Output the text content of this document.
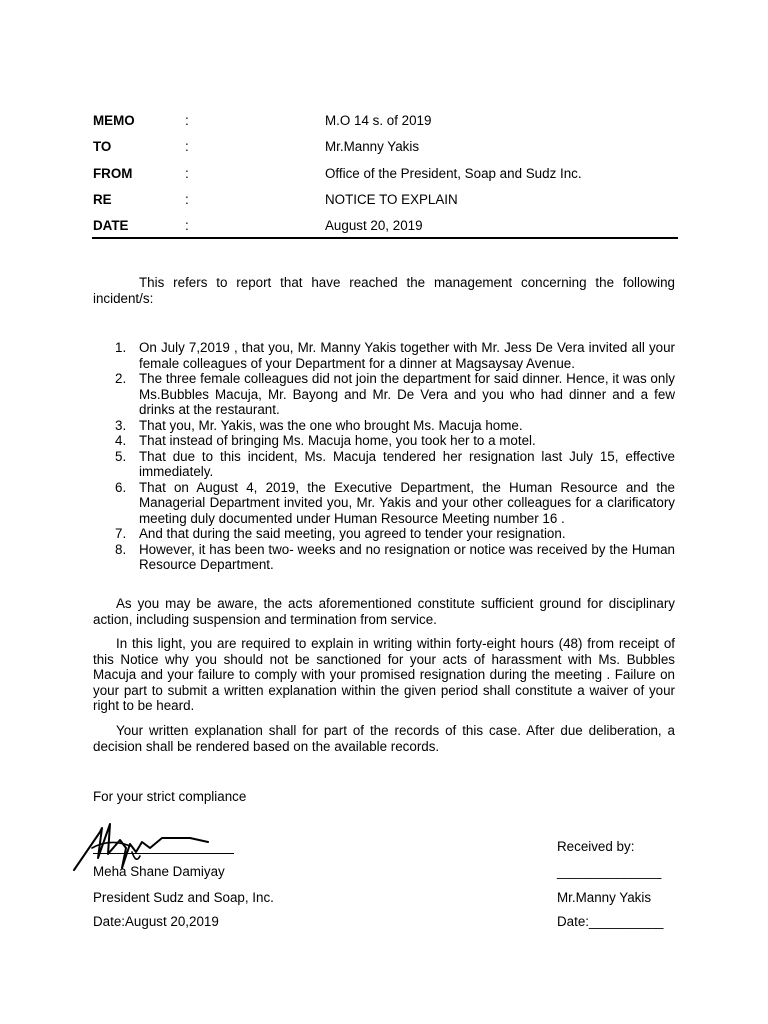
MEMO	:	M.O 14 s. of 2019
TO	:	Mr.Manny Yakis
FROM	:	Office of the President, Soap and Sudz Inc.
RE	:	NOTICE TO EXPLAIN
DATE	:	August 20, 2019

This refers to report that have reached the management concerning the following incident/s:

1. On July 7,2019 , that you, Mr. Manny Yakis together with Mr. Jess De Vera invited all your female colleagues of your Department for a dinner at Magsaysay Avenue.
2. The three female colleagues did not join the department for said dinner. Hence, it was only Ms.Bubbles Macuja, Mr. Bayong and Mr. De Vera and you who had dinner and a few drinks at the restaurant.
3. That you, Mr. Yakis, was the one who brought Ms. Macuja home.
4. That instead of bringing Ms. Macuja home, you took her to a motel.
5. That due to this incident, Ms. Macuja tendered her resignation last July 15, effective immediately.
6. That on August 4, 2019, the Executive Department, the Human Resource and the Managerial Department invited you, Mr. Yakis and your other colleagues for a clarificatory meeting duly documented under Human Resource Meeting number 16 .
7. And that during the said meeting, you agreed to tender your resignation.
8. However, it has been two- weeks and no resignation or notice was received by the Human Resource Department.

As you may be aware, the acts aforementioned constitute sufficient ground for disciplinary action, including suspension and termination from service.

In this light, you are required to explain in writing within forty-eight hours (48) from receipt of this Notice why you should not be sanctioned for your acts of harassment with Ms. Bubbles Macuja and your failure to comply with your promised resignation during the meeting . Failure on your part to submit a written explanation within the given period shall constitute a waiver of your right to be heard.

Your written explanation shall for part of the records of this case. After due deliberation, a decision shall be rendered based on the available records.

For your strict compliance
Meha Shane Damiyay
President Sudz and Soap, Inc.
Date:August 20,2019
Received by:
______________
Mr.Manny Yakis
Date:__________
